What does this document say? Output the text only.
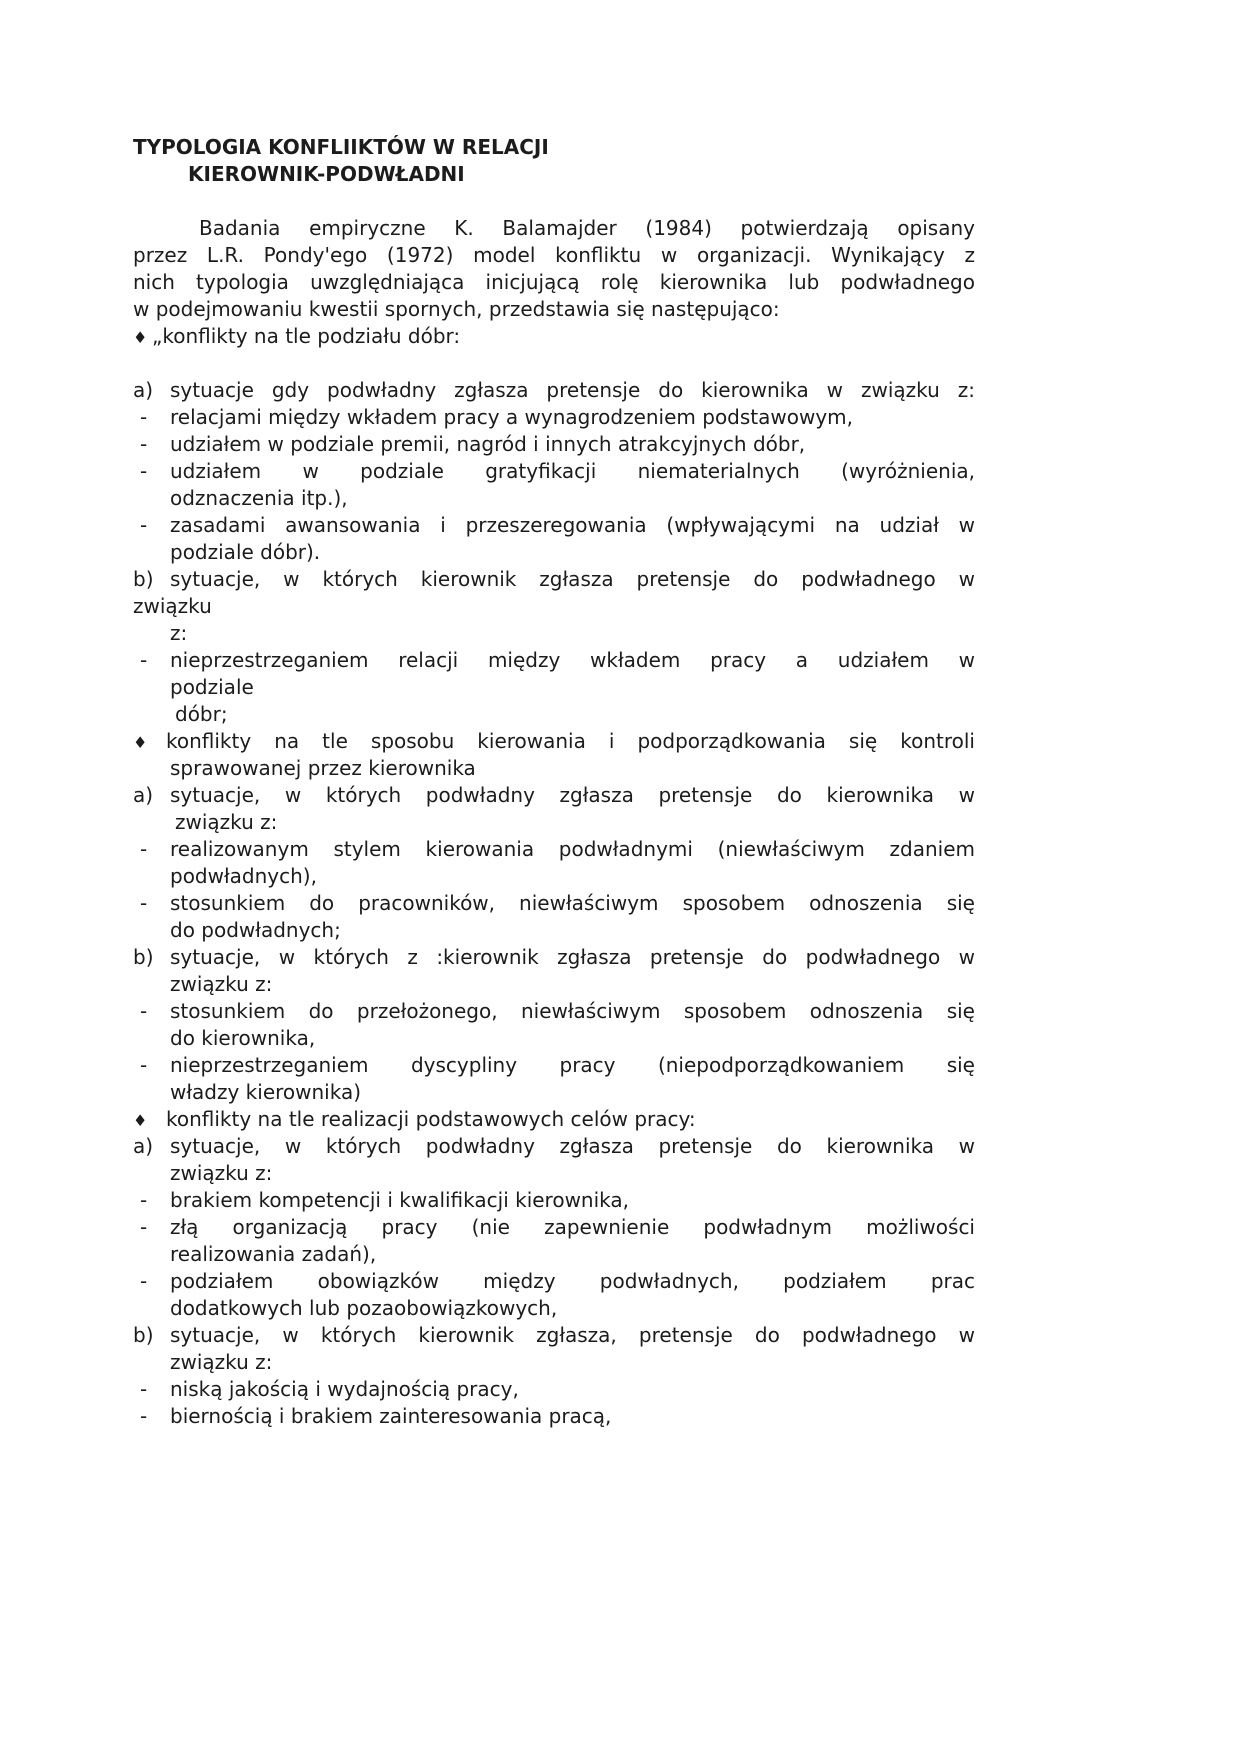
TYPOLOGIA KONFLIIKTÓW W RELACJI
KIEROWNIK-PODWŁADNI
Badania empiryczne K. Balamajder (1984) potwierdzają opisany
przez L.R. Pondy'ego (1972) model konfliktu w organizacji. Wynikający z
nich typologia uwzględniająca inicjującą rolę kierownika lub podwładnego
w podejmowaniu kwestii spornych, przedstawia się następująco:
♦ „konflikty na tle podziału dóbr:
a) sytuacje gdy podwładny zgłasza pretensje do kierownika w związku z:
- relacjami między wkładem pracy a wynagrodzeniem podstawowym,
- udziałem w podziale premii, nagród i innych atrakcyjnych dóbr,
- udziałem w podziale gratyfikacji niematerialnych (wyróżnienia,
odznaczenia itp.),
- zasadami awansowania i przeszeregowania (wpływającymi na udział w
podziale dóbr).
b) sytuacje, w których kierownik zgłasza pretensje do podwładnego w
związku
z:
- nieprzestrzeganiem relacji między wkładem pracy a udziałem w
podziale
dóbr;
♦ konflikty na tle sposobu kierowania i podporządkowania się kontroli
sprawowanej przez kierownika
a) sytuacje, w których podwładny zgłasza pretensje do kierownika w
związku z:
- realizowanym stylem kierowania podwładnymi (niewłaściwym zdaniem
podwładnych),
- stosunkiem do pracowników, niewłaściwym sposobem odnoszenia się
do podwładnych;
b) sytuacje, w których z :kierownik zgłasza pretensje do podwładnego w
związku z:
- stosunkiem do przełożonego, niewłaściwym sposobem odnoszenia się
do kierownika,
- nieprzestrzeganiem dyscypliny pracy (niepodporządkowaniem się
władzy kierownika)
♦ konflikty na tle realizacji podstawowych celów pracy:
a) sytuacje, w których podwładny zgłasza pretensje do kierownika w
związku z:
- brakiem kompetencji i kwalifikacji kierownika,
- złą organizacją pracy (nie zapewnienie podwładnym możliwości
realizowania zadań),
- podziałem obowiązków między podwładnych, podziałem prac
dodatkowych lub pozaobowiązkowych,
b) sytuacje, w których kierownik zgłasza, pretensje do podwładnego w
związku z:
- niską jakością i wydajnością pracy,
- biernością i brakiem zainteresowania pracą,
